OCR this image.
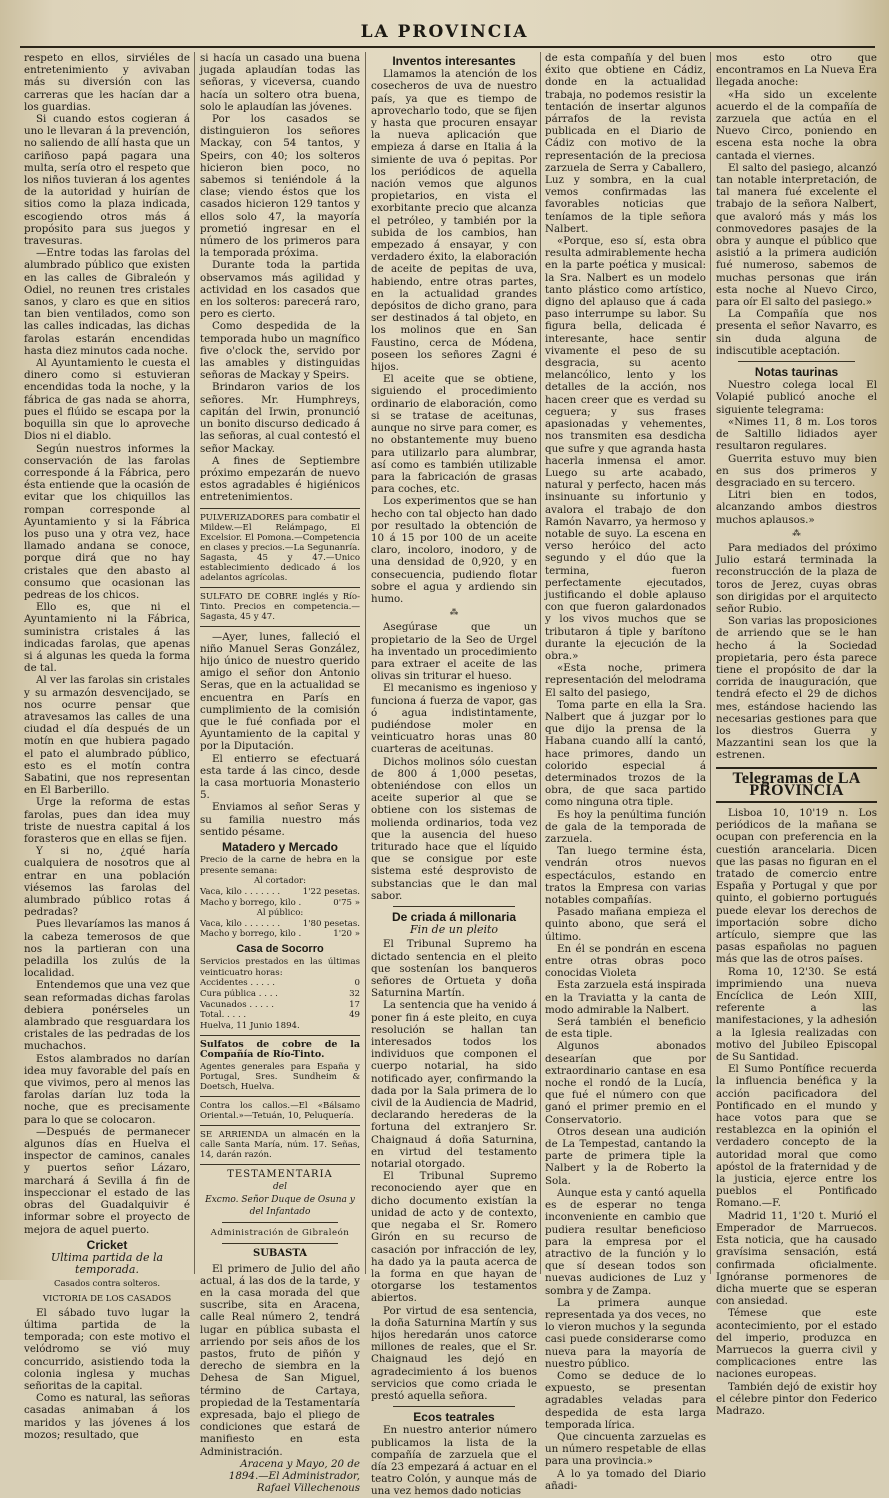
LA PROVINCIA

respeto en ellos, sirviéles de entretenimiento y avivaban más su diversión con las carreras que les hacían dar a los guardias.

Si cuando estos cogieran á uno le llevaran á la prevención, no saliendo de allí hasta que un cariñoso papá pagara una multa, sería otro el respeto que los niños tuvieran á los agentes de la autoridad y huirían de sitios como la plaza indicada, escogiendo otros más á propósito para sus juegos y travesuras.

—Entre todas las farolas del alumbrado público que existen en las calles de Gibraleón y Odiel, no reunen tres cristales sanos, y claro es que en sitios tan bien ventilados, como son las calles indicadas, las dichas farolas estarán encendidas hasta diez minutos cada noche.

Al Ayuntamiento le cuesta el dinero como si estuvieran encendidas toda la noche, y la fábrica de gas nada se ahorra, pues el flúido se escapa por la boquilla sin que lo aproveche Dios ni el diablo.

Según nuestros informes la conservación de las farolas corresponde á la Fábrica, pero ésta entiende que la ocasión de evitar que los chiquillos las rompan corresponde al Ayuntamiento y si la Fábrica los puso una y otra vez, hace llamado andana se conoce, porque dirá que no hay cristales que den abasto al consumo que ocasionan las pedreas de los chicos.

Ello es, que ni el Ayuntamiento ni la Fábrica, suministra cristales á las indicadas farolas, que apenas si á algunas les queda la forma de tal.

Al ver las farolas sin cristales y su armazón desvencijado, se nos ocurre pensar que atravesamos las calles de una ciudad el día después de un motín en que hubiera pagado el pato el alumbrado público, esto es el motín contra Sabatini, que nos representan en El Barberillo.

Urge la reforma de estas farolas, pues dan idea muy triste de nuestra capital á los forasteros que en ellas se fijen.

Y si no, ¿qué haría cualquiera de nosotros que al entrar en una población viésemos las farolas del alumbrado público rotas á pedradas?

Pues llevaríamos las manos á la cabeza temerosos de que nos la partieran con una peladilla los zulús de la localidad.

Entendemos que una vez que sean reformadas dichas farolas debiera ponérseles un alambrado que resguardara los cristales de las pedradas de los muchachos.

Estos alambrados no darían idea muy favorable del país en que vivimos, pero al menos las farolas darían luz toda la noche, que es precisamente para lo que se colocaron.

—Después de permanecer algunos días en Huelva el inspector de caminos, canales y puertos señor Lázaro, marchará á Sevilla á fin de inspeccionar el estado de las obras del Guadalquivir é informar sobre el proyecto de mejora de aquel puerto.

Cricket
Ultima partida de la temporada.
Casados contra solteros.
VICTORIA DE LOS CASADOS

El sábado tuvo lugar la última partida de la temporada; con este motivo el velódromo se vió muy concurrido, asistiendo toda la colonia inglesa y muchas señoritas de la capital.

Como es natural, las señoras casadas animaban á los maridos y las jóvenes á los mozos; resultado, que

si hacía un casado una buena jugada aplaudían todas las señoras, y viceversa, cuando hacía un soltero otra buena, solo le aplaudían las jóvenes.

Por los casados se distinguieron los señores Mackay, con 54 tantos, y Speirs, con 40; los solteros hicieron bien poco, no sabemos si teniéndole á la clase; viendo éstos que los casados hicieron 129 tantos y ellos solo 47, la mayoría prometió ingresar en el número de los primeros para la temporada próxima.

Durante toda la partida observamos más agilidad y actividad en los casados que en los solteros: parecerá raro, pero es cierto.

Como despedida de la temporada hubo un magnífico five o'clock the, servido por las amables y distinguidas señoras de Mackay y Speirs.

Brindaron varios de los señores. Mr. Humphreys, capitán del Irwin, pronunció un bonito discurso dedicado á las señoras, al cual contestó el señor Mackay.

A fines de Septiembre próximo empezarán de nuevo estos agradables é higiénicos entretenimientos.

PULVERIZADORES para combatir el Mildew.—El Relámpago, El Excelsior. El Pomona.—Competencia en clases y precios.—La Segunanría. Sagasta, 45 y 47.—Unico establecimiento dedicado á los adelantos agrícolas.
SULFATO DE COBRE inglés y Río-Tinto. Precios en competencia.—Sagasta, 45 y 47.

—Ayer, lunes, falleció el niño Manuel Seras González, hijo único de nuestro querido amigo el señor don Antonio Seras, que en la actualidad se encuentra en París en cumplimiento de la comisión que le fué confiada por el Ayuntamiento de la capital y por la Diputación.

El entierro se efectuará esta tarde á las cinco, desde la casa mortuoria Monasterio 5.

Enviamos al señor Seras y su familia nuestro más sentido pésame.

Matadero y Mercado
Precio de la carne de hebra en la presente semana:
Al cortador:
Vaca, kilo . . . . . . .	1'22 pesetas.
Macho y borrego, kilo .	0'75 »
Al público:
Vaca, kilo . . . . . . .	1'80 pesetas.
Macho y borrego, kilo .	1'20 »
Casa de Socorro
Servicios prestados en las últimas veinticuatro horas:
Accidentes . . . . .	0
Cura pública . . . .	32
Vacunados . . . . .	17
Total. . . . .	49
Huelva, 11 Junio 1894.
Sulfatos de cobre de la Compañía de Río-Tinto.
Agentes generales para España y Portugal, Sres. Sundheim & Doetsch, Huelva.
Contra los callos.—El «Bálsamo Oriental.»—Tetuán, 10, Peluquería.
SE ARRIENDA un almacén en la calle Santa María, núm. 17. Señas, 14, darán razón.
TESTAMENTARIA
del
Excmo. Señor Duque de Osuna y del Infantado
Administración de Gibraleón
SUBASTA

El primero de Julio del año actual, á las dos de la tarde, y en la casa morada del que suscribe, sita en Aracena, calle Real número 2, tendrá lugar en pública subasta el arriendo por seis años de los pastos, fruto de piñón y derecho de siembra en la Dehesa de San Miguel, término de Cartaya, propiedad de la Testamentaría expresada, bajo el pliego de condiciones que estará de manifiesto en esta Administración.

Aracena y Mayo, 20 de 1894.—El Administrador, Rafael Villechenous

Inventos interesantes

Llamamos la atención de los cosecheros de uva de nuestro país, ya que es tiempo de aprovecharlo todo, que se fijen y hasta que procuren ensayar la nueva aplicación que empieza á darse en Italia á la simiente de uva ó pepitas. Por los periódicos de aquella nación vemos que algunos propietarios, en vista el exorbitante precio que alcanza el petróleo, y también por la subida de los cambios, han empezado á ensayar, y con verdadero éxito, la elaboración de aceite de pepitas de uva, habiendo, entre otras partes, en la actualidad grandes depósitos de dicho grano, para ser destinados á tal objeto, en los molinos que en San Faustino, cerca de Módena, poseen los señores Zagni é hijos.

El aceite que se obtiene, siguiendo el procedimiento ordinario de elaboración, como si se tratase de aceitunas, aunque no sirve para comer, es no obstantemente muy bueno para utilizarlo para alumbrar, así como es también utilizable para la fabricación de grasas para coches, etc.

Los experimentos que se han hecho con tal objecto han dado por resultado la obtención de 10 á 15 por 100 de un aceite claro, incoloro, inodoro, y de una densidad de 0,920, y en consecuencia, pudiendo flotar sobre el agua y ardiendo sin humo.

⁂

Asegúrase que un propietario de la Seo de Urgel ha inventado un procedimiento para extraer el aceite de las olivas sin triturar el hueso.

El mecanismo es ingenioso y funciona á fuerza de vapor, gas ó agua indistintamente, pudiéndose moler en veinticuatro horas unas 80 cuarteras de aceitunas.

Dichos molinos sólo cuestan de 800 á 1,000 pesetas, obteniéndose con ellos un aceite superior al que se obtiene con los sistemas de molienda ordinarios, toda vez que la ausencia del hueso triturado hace que el líquido que se consigue por este sistema esté desprovisto de substancias que le dan mal sabor.

De criada á millonaria
Fin de un pleito

El Tribunal Supremo ha dictado sentencia en el pleito que sostenían los banqueros señores de Ortueta y doña Saturnina Martín.

La sentencia que ha venido á poner fin á este pleito, en cuya resolución se hallan tan interesados todos los individuos que componen el cuerpo notarial, ha sido notificado ayer, confirmando la dada por la Sala primera de lo civil de la Audiencia de Madrid, declarando herederas de la fortuna del extranjero Sr. Chaignaud á doña Saturnina, en virtud del testamento notarial otorgado.

El Tribunal Supremo reconociendo ayer que en dicho documento existían la unidad de acto y de contexto, que negaba el Sr. Romero Girón en su recurso de casación por infracción de ley, ha dado ya la pauta acerca de la forma en que hayan de otorgarse los testamentos abiertos.

Por virtud de esa sentencia, la doña Saturnina Martín y sus hijos heredarán unos catorce millones de reales, que el Sr. Chaignaud les dejó en agradecimiento á los buenos servicios que como criada le prestó aquella señora.

Ecos teatrales

En nuestro anterior número publicamos la lista de la compañía de zarzuela que el día 23 empezará á actuar en el teatro Colón, y aunque más de una vez hemos dado noticias

de esta compañía y del buen éxito que obtiene en Cádiz, donde en la actualidad trabaja, no podemos resistir la tentación de insertar algunos párrafos de la revista publicada en el Diario de Cádiz con motivo de la representación de la preciosa zarzuela de Serra y Caballero, Luz y sombra, en la cual vemos confirmadas las favorables noticias que teníamos de la tiple señora Nalbert.

«Porque, eso sí, esta obra resulta admirablemente hecha en la parte poética y musical: la Sra. Nalbert es un modelo tanto plástico como artístico, digno del aplauso que á cada paso interrumpe su labor. Su figura bella, delicada é interesante, hace sentir vivamente el peso de su desgracia, su acento melancólico, lento y los detalles de la acción, nos hacen creer que es verdad su ceguera; y sus frases apasionadas y vehementes, nos transmiten esa desdicha que sufre y que agranda hasta hacerla inmensa el amor. Luego su arte acabado, natural y perfecto, hacen más insinuante su infortunio y avalora el trabajo de don Ramón Navarro, ya hermoso y notable de suyo. La escena en verso heróico del acto segundo y el dúo que la termina, fueron perfectamente ejecutados, justificando el doble aplauso con que fueron galardonados y los vivos muchos que se tributaron á tiple y barítono durante la ejecución de la obra.»

«Esta noche, primera representación del melodrama El salto del pasiego,

Toma parte en ella la Sra. Nalbert que á juzgar por lo que dijo la prensa de la Habana cuando allí la cantó, hace primores, dando un colorido especial á determinados trozos de la obra, de que saca partido como ninguna otra tiple.

Es hoy la penúltima función de gala de la temporada de zarzuela.

Tan luego termine ésta, vendrán otros nuevos espectáculos, estando en tratos la Empresa con varias notables compañías.

Pasado mañana empieza el quinto abono, que será el último.

En él se pondrán en escena entre otras obras poco conocidas Violeta

Esta zarzuela está inspirada en la Traviatta y la canta de modo admirable la Nalbert.

Será también el beneficio de esta tiple.

Algunos abonados desearían que por extraordinario cantase en esa noche el rondó de la Lucía, que fué el número con que ganó el primer premio en el Conservatorio.

Otros desean una audición de La Tempestad, cantando la parte de primera tiple la Nalbert y la de Roberto la Sola.

Aunque esta y cantó aquella es de esperar no tenga inconveniente en cambio que pudiera resultar beneficioso para la empresa por el atractivo de la función y lo que sí desean todos son nuevas audiciones de Luz y sombra y de Zampa.

La primera aunque representada ya dos veces, no lo vieron muchos y la segunda casi puede considerarse como nueva para la mayoría de nuestro público.

Como se deduce de lo expuesto, se presentan agradables veladas para despedida de esta larga temporada lírica.

Que cincuenta zarzuelas es un número respetable de ellas para una provincia.»

A lo ya tomado del Diario añadi-

mos esto otro que encontramos en La Nueva Era llegada anoche:

«Ha sido un excelente acuerdo el de la compañía de zarzuela que actúa en el Nuevo Circo, poniendo en escena esta noche la obra cantada el viernes.

El salto del pasiego, alcanzó tan notable interpretación, de tal manera fué excelente el trabajo de la señora Nalbert, que avaloró más y más los conmovedores pasajes de la obra y aunque el público que asistió a la primera audición fué numeroso, sabemos de muchas personas que irán esta noche al Nuevo Circo, para oír El salto del pasiego.»

La Compañía que nos presenta el señor Navarro, es sin duda alguna de indiscutible aceptación.

Notas taurinas

Nuestro colega local El Volapié publicó anoche el siguiente telegrama:

«Nimes 11, 8 m. Los toros de Saltillo lidiados ayer resultaron regulares.

Guerrita estuvo muy bien en sus dos primeros y desgraciado en su tercero.

Litri bien en todos, alcanzando ambos diestros muchos aplausos.»

⁂

Para mediados del próximo Julio estará terminada la reconstrucción de la plaza de toros de Jerez, cuyas obras son dirigidas por el arquitecto señor Rubio.

Son varias las proposiciones de arriendo que se le han hecho á la Sociedad propietaria, pero ésta parece tiene el propósito de dar la corrida de inauguración, que tendrá efecto el 29 de dichos mes, estándose haciendo las necesarias gestiones para que los diestros Guerra y Mazzantini sean los que la estrenen.

Telegramas de LA PROVINCIA

Lisboa 10, 10'19 n. Los periódicos de la mañana se ocupan con preferencia en la cuestión arancelaria. Dicen que las pasas no figuran en el tratado de comercio entre España y Portugal y que por quinto, el gobierno portugués puede elevar los derechos de importación sobre dicho artículo, siempre que las pasas españolas no paguen más que las de otros países.

Roma 10, 12'30. Se está imprimiendo una nueva Encíclica de León XIII, referente a las manifestaciones, y la adhesión a la Iglesia realizadas con motivo del Jubileo Episcopal de Su Santidad.

El Sumo Pontífice recuerda la influencia benéfica y la acción pacificadora del Pontificado en el mundo y hace votos para que se restablezca en la opinión el verdadero concepto de la autoridad moral que como apóstol de la fraternidad y de la justicia, ejerce entre los pueblos el Pontificado Romano.—F.

Madrid 11, 1'20 t. Murió el Emperador de Marruecos. Esta noticia, que ha causado gravísima sensación, está confirmada oficialmente. Ignóranse pormenores de dicha muerte que se esperan con ansiedad.

Témese que este acontecimiento, por el estado del imperio, produzca en Marruecos la guerra civil y complicaciones entre las naciones europeas.

También dejó de existir hoy el célebre pintor don Federico Madrazo.
